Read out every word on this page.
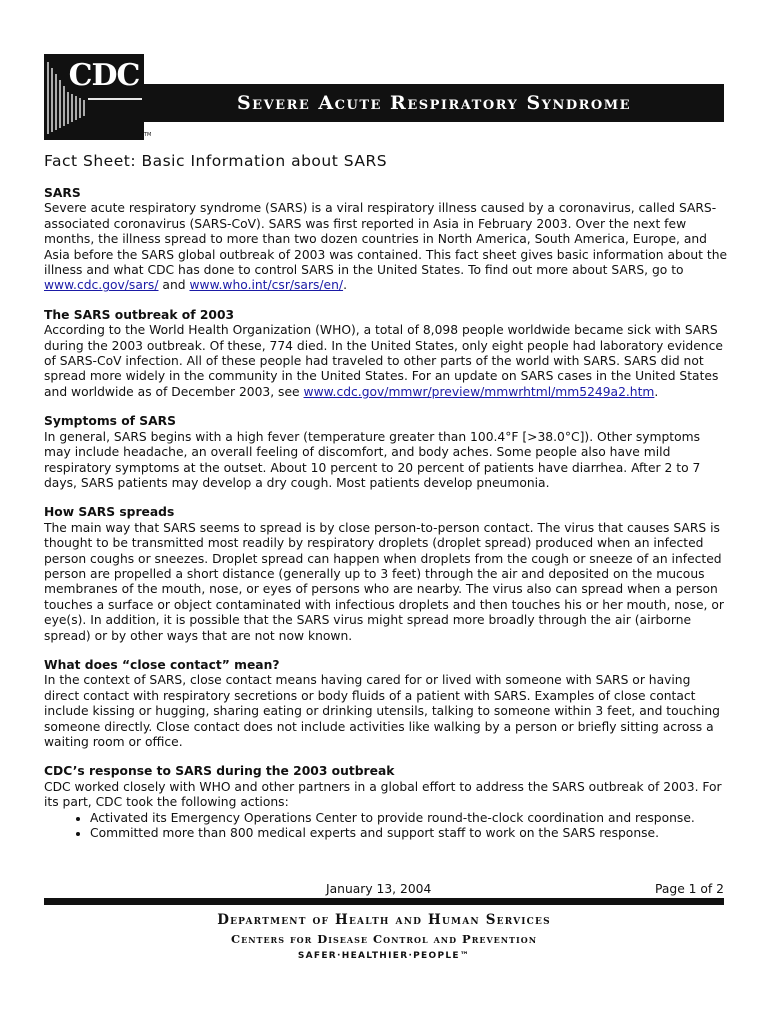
CDC
TM
Severe Acute Respiratory Syndrome
Fact Sheet: Basic Information about SARS
SARS

Severe acute respiratory syndrome (SARS) is a viral respiratory illness caused by a coronavirus, called SARS-associated coronavirus (SARS-CoV). SARS was first reported in Asia in February 2003. Over the next few months, the illness spread to more than two dozen countries in North America, South America, Europe, and Asia before the SARS global outbreak of 2003 was contained. This fact sheet gives basic information about the illness and what CDC has done to control SARS in the United States. To find out more about SARS, go to www.cdc.gov/sars/ and www.who.int/csr/sars/en/.

The SARS outbreak of 2003

According to the World Health Organization (WHO), a total of 8,098 people worldwide became sick with SARS during the 2003 outbreak. Of these, 774 died. In the United States, only eight people had laboratory evidence of SARS-CoV infection. All of these people had traveled to other parts of the world with SARS. SARS did not spread more widely in the community in the United States. For an update on SARS cases in the United States and worldwide as of December 2003, see www.cdc.gov/mmwr/preview/mmwrhtml/mm5249a2.htm.

Symptoms of SARS

In general, SARS begins with a high fever (temperature greater than 100.4°F [>38.0°C]). Other symptoms may include headache, an overall feeling of discomfort, and body aches. Some people also have mild respiratory symptoms at the outset. About 10 percent to 20 percent of patients have diarrhea. After 2 to 7 days, SARS patients may develop a dry cough. Most patients develop pneumonia.

How SARS spreads

The main way that SARS seems to spread is by close person-to-person contact. The virus that causes SARS is thought to be transmitted most readily by respiratory droplets (droplet spread) produced when an infected person coughs or sneezes. Droplet spread can happen when droplets from the cough or sneeze of an infected person are propelled a short distance (generally up to 3 feet) through the air and deposited on the mucous membranes of the mouth, nose, or eyes of persons who are nearby. The virus also can spread when a person touches a surface or object contaminated with infectious droplets and then touches his or her mouth, nose, or eye(s). In addition, it is possible that the SARS virus might spread more broadly through the air (airborne spread) or by other ways that are not now known.

What does “close contact” mean?

In the context of SARS, close contact means having cared for or lived with someone with SARS or having direct contact with respiratory secretions or body fluids of a patient with SARS. Examples of close contact include kissing or hugging, sharing eating or drinking utensils, talking to someone within 3 feet, and touching someone directly. Close contact does not include activities like walking by a person or briefly sitting across a waiting room or office.

CDC’s response to SARS during the 2003 outbreak

CDC worked closely with WHO and other partners in a global effort to address the SARS outbreak of 2003. For its part, CDC took the following actions:

• Activated its Emergency Operations Center to provide round-the-clock coordination and response.
• Committed more than 800 medical experts and support staff to work on the SARS response.
January 13, 2004	Page 1 of 2
Department of Health and Human Services
Centers for Disease Control and Prevention
SAFER·HEALTHIER·PEOPLE™
